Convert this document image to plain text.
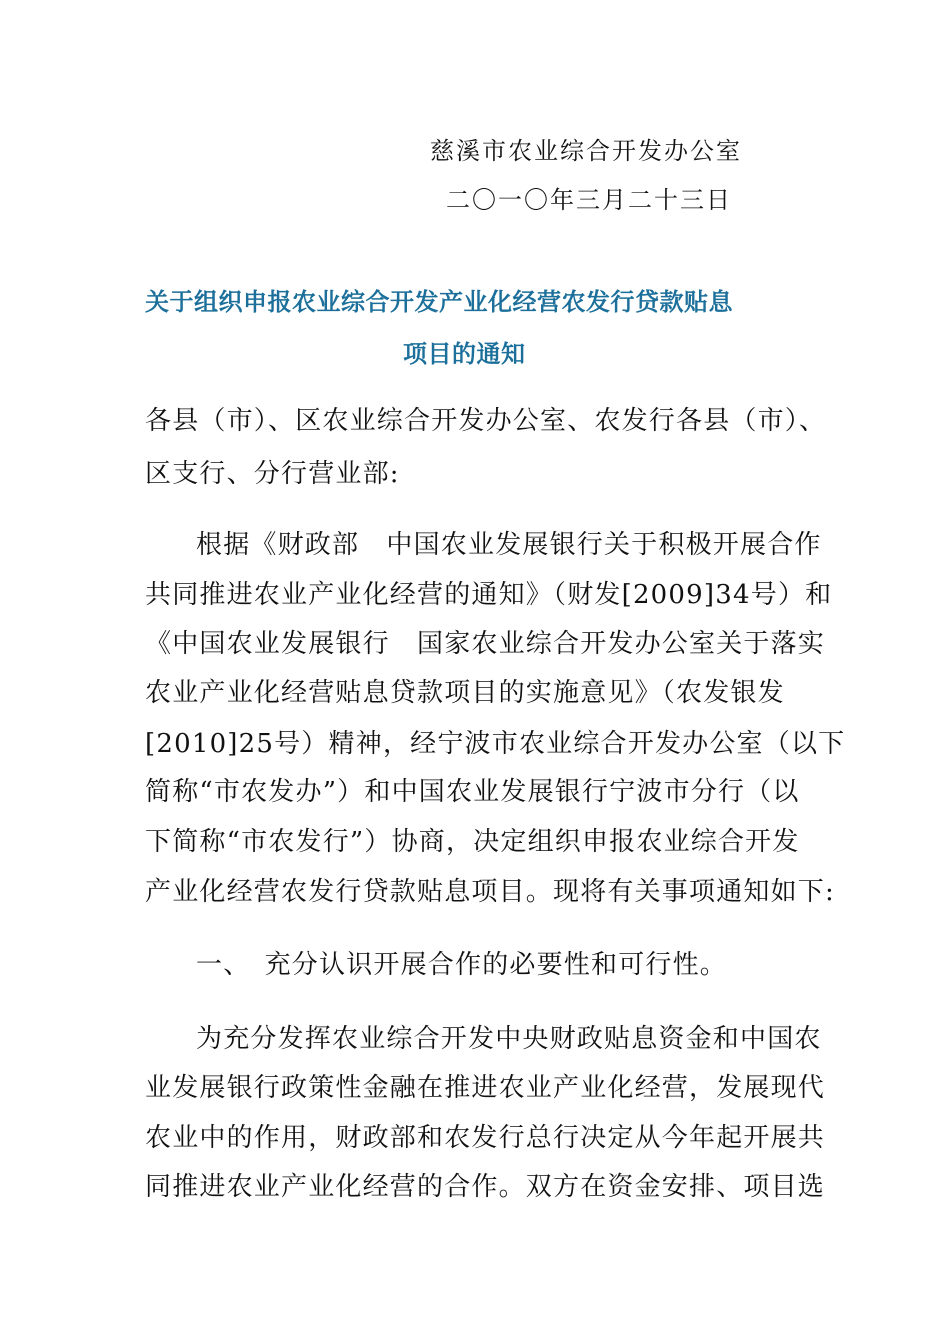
慈溪市农业综合开发办公室
二〇一〇年三月二十三日
关于组织申报农业综合开发产业化经营农发行贷款贴息
项目的通知
各县（市）、区农业综合开发办公室、农发行各县（市）、
区支行、分行营业部:
根据《财政部　中国农业发展银行关于积极开展合作
共同推进农业产业化经营的通知》（财发[2009]34号）和
《中国农业发展银行　国家农业综合开发办公室关于落实
农业产业化经营贴息贷款项目的实施意见》（农发银发
[2010]25号）精神，经宁波市农业综合开发办公室（以下
简称“市农发办”）和中国农业发展银行宁波市分行（以
下简称“市农发行”）协商，决定组织申报农业综合开发
产业化经营农发行贷款贴息项目。现将有关事项通知如下:
一、　充分认识开展合作的必要性和可行性。
为充分发挥农业综合开发中央财政贴息资金和中国农
业发展银行政策性金融在推进农业产业化经营，发展现代
农业中的作用，财政部和农发行总行决定从今年起开展共
同推进农业产业化经营的合作。双方在资金安排、项目选
